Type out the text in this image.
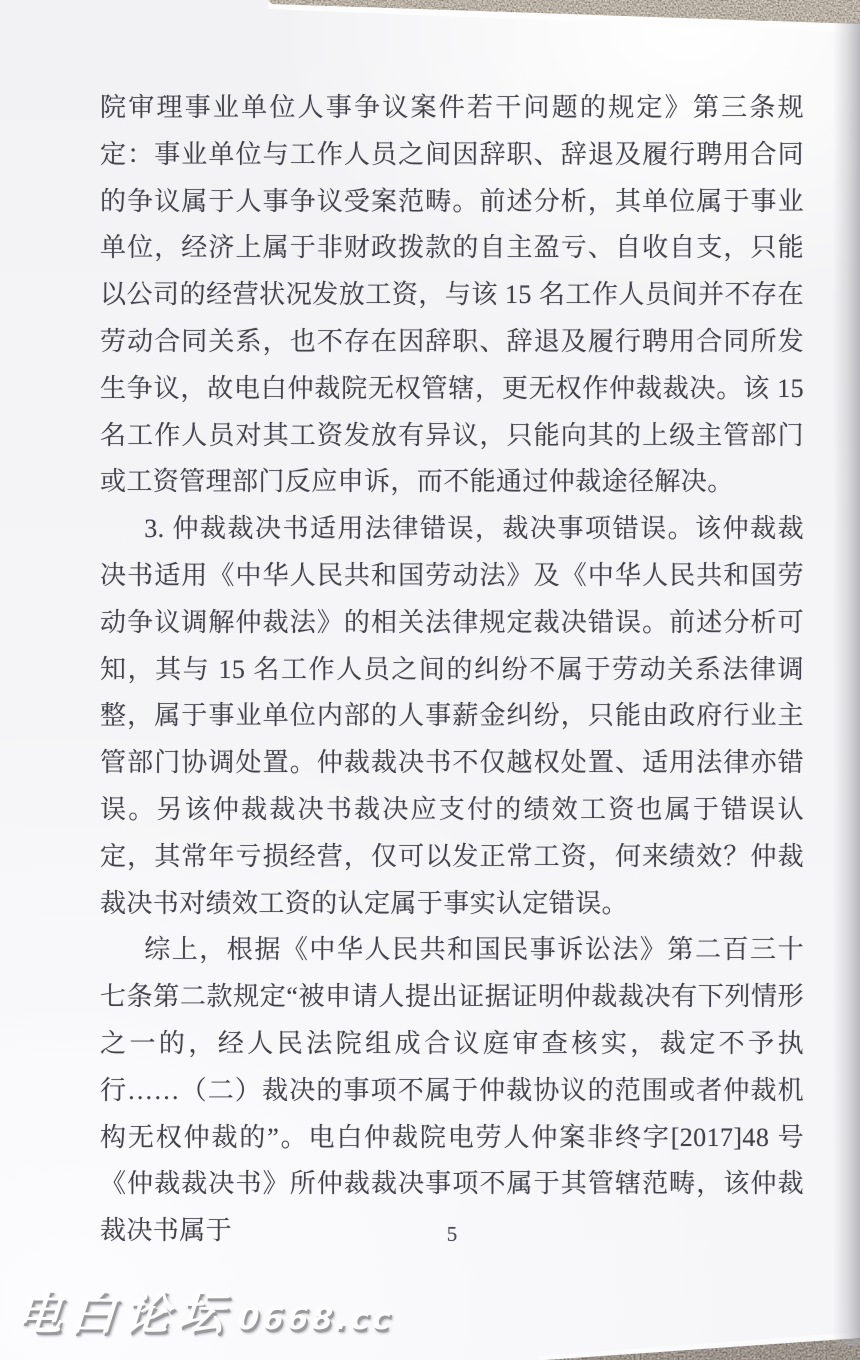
院审理事业单位人事争议案件若干问题的规定》第三条规定：事业单位与工作人员之间因辞职、辞退及履行聘用合同的争议属于人事争议受案范畴。前述分析，其单位属于事业单位，经济上属于非财政拨款的自主盈亏、自收自支，只能以公司的经营状况发放工资，与该 15 名工作人员间并不存在劳动合同关系，也不存在因辞职、辞退及履行聘用合同所发生争议，故电白仲裁院无权管辖，更无权作仲裁裁决。该 15 名工作人员对其工资发放有异议，只能向其的上级主管部门或工资管理部门反应申诉，而不能通过仲裁途径解决。

3. 仲裁裁决书适用法律错误，裁决事项错误。该仲裁裁决书适用《中华人民共和国劳动法》及《中华人民共和国劳动争议调解仲裁法》的相关法律规定裁决错误。前述分析可知，其与 15 名工作人员之间的纠纷不属于劳动关系法律调整，属于事业单位内部的人事薪金纠纷，只能由政府行业主管部门协调处置。仲裁裁决书不仅越权处置、适用法律亦错误。另该仲裁裁决书裁决应支付的绩效工资也属于错误认定，其常年亏损经营，仅可以发正常工资，何来绩效？仲裁裁决书对绩效工资的认定属于事实认定错误。

综上，根据《中华人民共和国民事诉讼法》第二百三十七条第二款规定“被申请人提出证据证明仲裁裁决有下列情形之一的，经人民法院组成合议庭审查核实，裁定不予执行……（二）裁决的事项不属于仲裁协议的范围或者仲裁机构无权仲裁的”。电白仲裁院电劳人仲案非终字[2017]48 号《仲裁裁决书》所仲裁裁决事项不属于其管辖范畴，该仲裁裁决书属于	5
电白论坛 0668.cc
